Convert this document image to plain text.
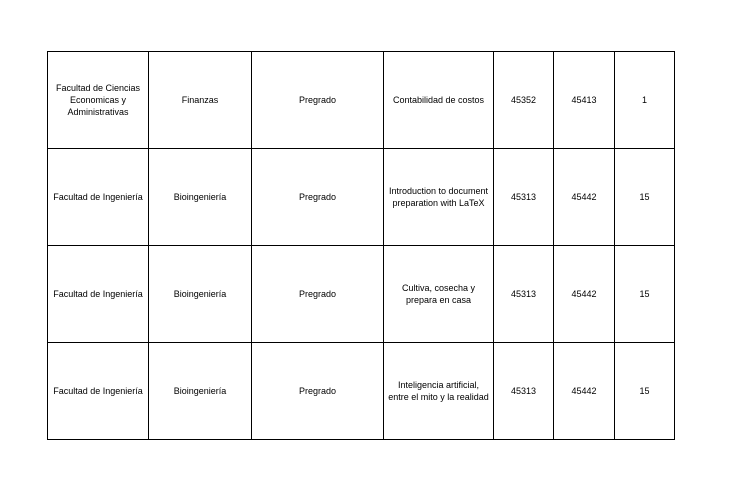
Facultad de Ciencias Economicas y Administrativas	Finanzas	Pregrado	Contabilidad de costos	45352	45413	1
Facultad de Ingeniería	Bioingeniería	Pregrado	Introduction to document preparation with LaTeX	45313	45442	15
Facultad de Ingeniería	Bioingeniería	Pregrado	Cultiva, cosecha y prepara en casa	45313	45442	15
Facultad de Ingeniería	Bioingeniería	Pregrado	Inteligencia artificial, entre el mito y la realidad	45313	45442	15
